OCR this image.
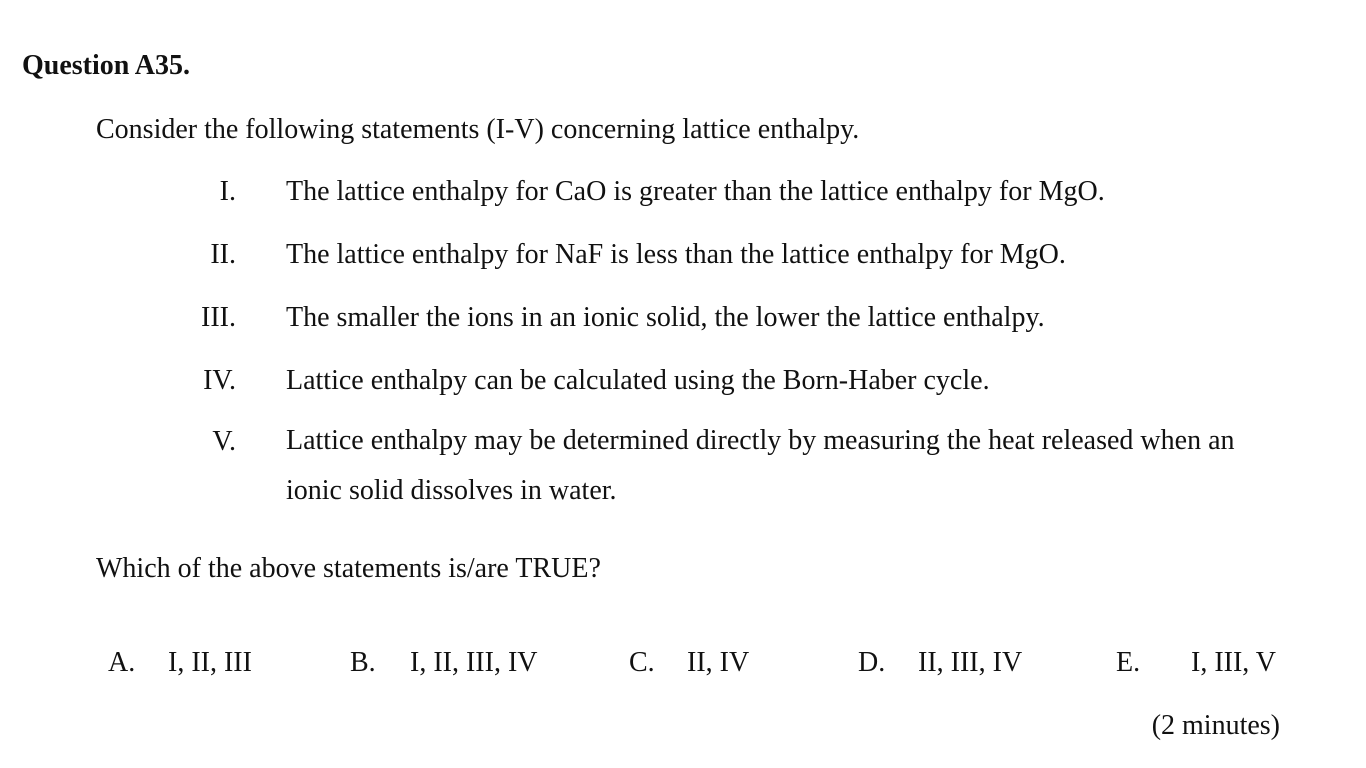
Question A35.
Consider the following statements (I-V) concerning lattice enthalpy.
I. The lattice enthalpy for CaO is greater than the lattice enthalpy for MgO.
II. The lattice enthalpy for NaF is less than the lattice enthalpy for MgO.
III. The smaller the ions in an ionic solid, the lower the lattice enthalpy.
IV. Lattice enthalpy can be calculated using the Born-Haber cycle.
V. Lattice enthalpy may be determined directly by measuring the heat released when an ionic solid dissolves in water.
Which of the above statements is/are TRUE?
A. I, II, III	B. I, II, III, IV	C. II, IV	D. II, III, IV	E. I, III, V
(2 minutes)
